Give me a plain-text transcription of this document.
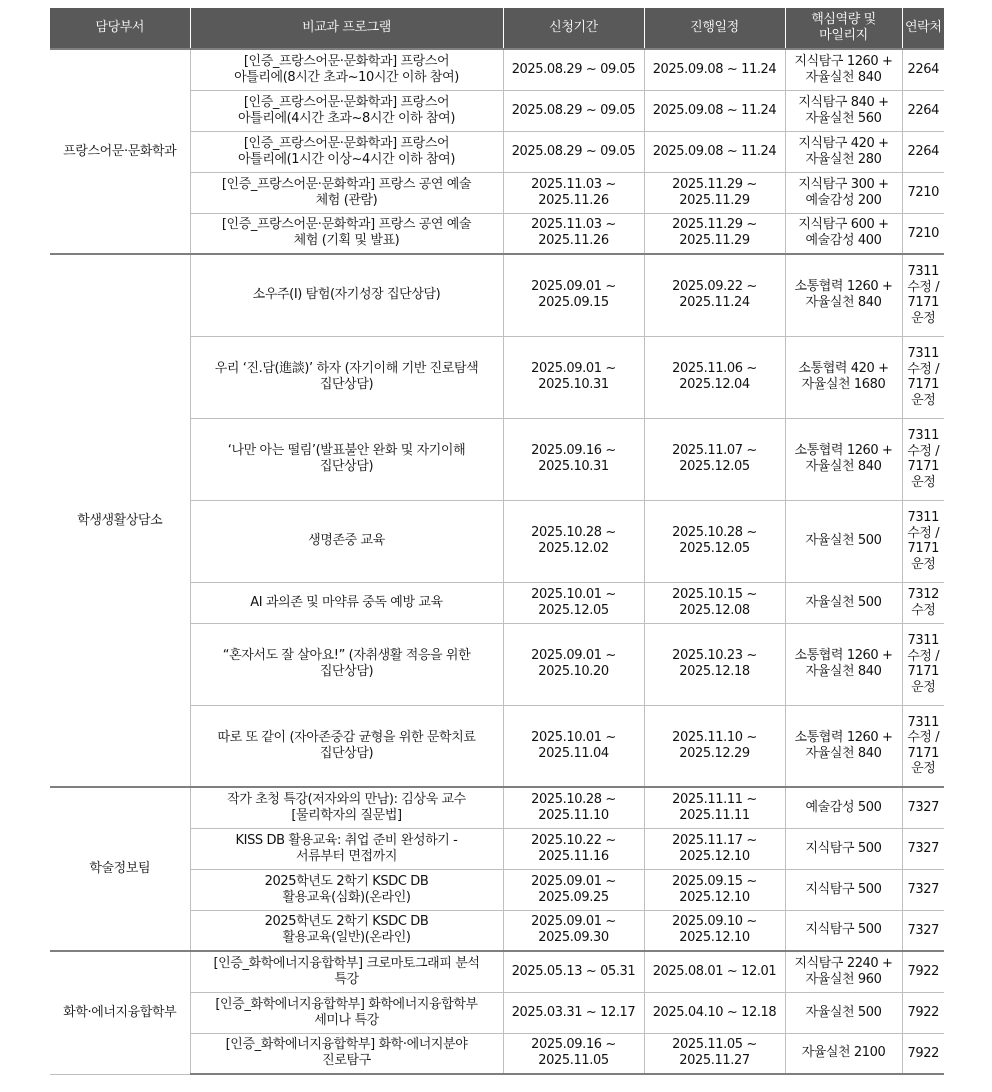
담당부서	비교과 프로그램	신청기간	진행일정	핵심역량 및
마일리지	연락처
프랑스어문·문화학과	[인증_프랑스어문·문화학과] 프랑스어
아틀리에(8시간 초과~10시간 이하 참여)	2025.08.29 ~ 09.05	2025.09.08 ~ 11.24	지식탐구 1260 +
자율실천 840	2264

	[인증_프랑스어문·문화학과] 프랑스어
아틀리에(4시간 초과~8시간 이하 참여)	2025.08.29 ~ 09.05	2025.09.08 ~ 11.24	지식탐구 840 +
자율실천 560	2264

	[인증_프랑스어문·문화학과] 프랑스어
아틀리에(1시간 이상~4시간 이하 참여)	2025.08.29 ~ 09.05	2025.09.08 ~ 11.24	지식탐구 420 +
자율실천 280	2264

	[인증_프랑스어문·문화학과] 프랑스 공연 예술
체험 (관람)	2025.11.03 ~
2025.11.26	2025.11.29 ~
2025.11.29	지식탐구 300 +
예술감성 200	7210

	[인증_프랑스어문·문화학과] 프랑스 공연 예술
체험 (기획 및 발표)	2025.11.03 ~
2025.11.26	2025.11.29 ~
2025.11.29	지식탐구 600 +
예술감성 400	7210

학생생활상담소	소우주(I) 탐험(자기성장 집단상담)	2025.09.01 ~
2025.09.15	2025.09.22 ~
2025.11.24	소통협력 1260 +
자율실천 840	7311
수정 /
7171
운정

	우리 ‘진.담(進談)’ 하자 (자기이해 기반 진로탐색
집단상담)	2025.09.01 ~
2025.10.31	2025.11.06 ~
2025.12.04	소통협력 420 +
자율실천 1680	7311
수정 /
7171
운정

	‘나만 아는 떨림’(발표불안 완화 및 자기이해
집단상담)	2025.09.16 ~
2025.10.31	2025.11.07 ~
2025.12.05	소통협력 1260 +
자율실천 840	7311
수정 /
7171
운정

	생명존중 교육	2025.10.28 ~
2025.12.02	2025.10.28 ~
2025.12.05	자율실천 500	7311
수정 /
7171
운정

	AI 과의존 및 마약류 중독 예방 교육	2025.10.01 ~
2025.12.05	2025.10.15 ~
2025.12.08	자율실천 500	7312
수정

	“혼자서도 잘 살아요!” (자취생활 적응을 위한
집단상담)	2025.09.01 ~
2025.10.20	2025.10.23 ~
2025.12.18	소통협력 1260 +
자율실천 840	7311
수정 /
7171
운정

	따로 또 같이 (자아존중감 균형을 위한 문학치료
집단상담)	2025.10.01 ~
2025.11.04	2025.11.10 ~
2025.12.29	소통협력 1260 +
자율실천 840	7311
수정 /
7171
운정

학술정보팀	작가 초청 특강(저자와의 만남): 김상욱 교수
[물리학자의 질문법]	2025.10.28 ~
2025.11.10	2025.11.11 ~
2025.11.11	예술감성 500	7327

	KISS DB 활용교육: 취업 준비 완성하기 -
서류부터 면접까지	2025.10.22 ~
2025.11.16	2025.11.17 ~
2025.12.10	지식탐구 500	7327

	2025학년도 2학기 KSDC DB
활용교육(심화)(온라인)	2025.09.01 ~
2025.09.25	2025.09.15 ~
2025.12.10	지식탐구 500	7327

	2025학년도 2학기 KSDC DB
활용교육(일반)(온라인)	2025.09.01 ~
2025.09.30	2025.09.10 ~
2025.12.10	지식탐구 500	7327

화학·에너지융합학부	[인증_화학에너지융합학부] 크로마토그래피 분석
특강	2025.05.13 ~ 05.31	2025.08.01 ~ 12.01	지식탐구 2240 +
자율실천 960	7922

	[인증_화학에너지융합학부] 화학에너지융합학부
세미나 특강	2025.03.31 ~ 12.17	2025.04.10 ~ 12.18	자율실천 500	7922

	[인증_화학에너지융합학부] 화학·에너지분야
진로탐구	2025.09.16 ~
2025.11.05	2025.11.05 ~
2025.11.27	자율실천 2100	7922
